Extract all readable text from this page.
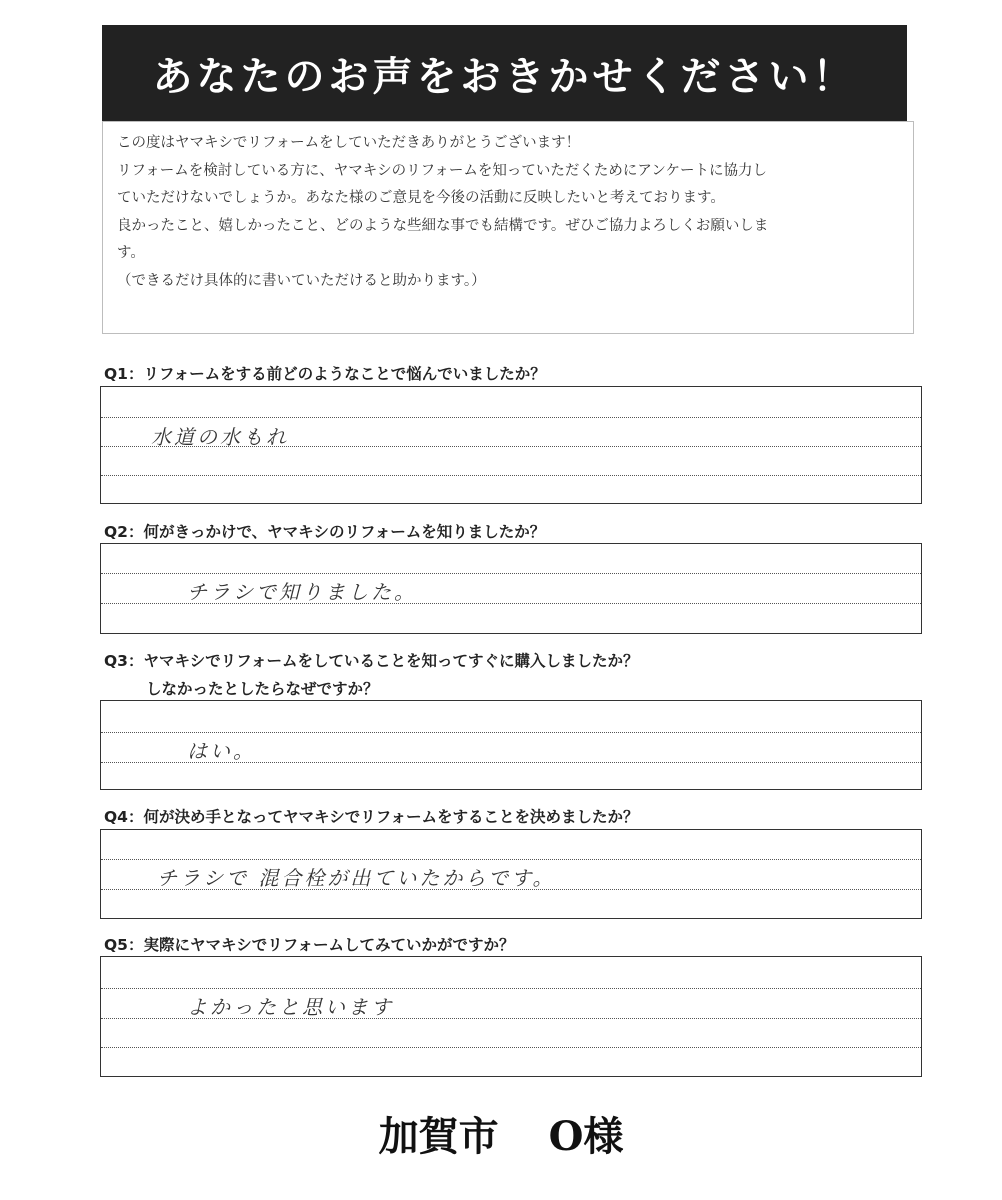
あなたのお声をおきかせください！

この度はヤマキシでリフォームをしていただきありがとうございます！

リフォームを検討している方に、ヤマキシのリフォームを知っていただくためにアンケートに協力し

ていただけないでしょうか。あなた様のご意見を今後の活動に反映したいと考えております。

良かったこと、嬉しかったこと、どのような些細な事でも結構です。ぜひご協力よろしくお願いしま

す。

（できるだけ具体的に書いていただけると助かります。）

Q1：リフォームをする前どのようなことで悩んでいましたか？
水道の水もれ
Q2：何がきっかけで、ヤマキシのリフォームを知りましたか？
チラシで知りました。
Q3：ヤマキシでリフォームをしていることを知ってすぐに購入しましたか？
しなかったとしたらなぜですか？
はい。
Q4：何が決め手となってヤマキシでリフォームをすることを決めましたか？
チラシで 混合栓が出ていたからです。
Q5：実際にヤマキシでリフォームしてみていかがですか？
よかったと思います
加賀市 O様
